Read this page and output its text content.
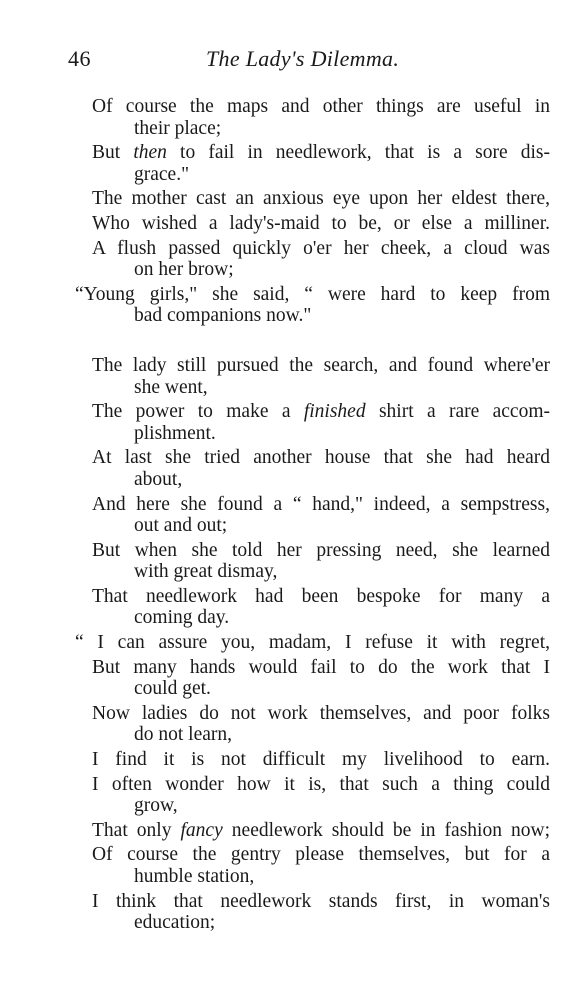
46	The Lady's Dilemma.
Of course the maps and other things are useful in
their place;
But then to fail in needlework, that is a sore dis-
grace."
The mother cast an anxious eye upon her eldest there,
Who wished a lady's-maid to be, or else a milliner.
A flush passed quickly o'er her cheek, a cloud was
on her brow;
“Young girls," she said, “ were hard to keep from
bad companions now."
The lady still pursued the search, and found where'er
she went,
The power to make a finished shirt a rare accom-
plishment.
At last she tried another house that she had heard
about,
And here she found a “ hand," indeed, a sempstress,
out and out;
But when she told her pressing need, she learned
with great dismay,
That needlework had been bespoke for many a
coming day.
“ I can assure you, madam, I refuse it with regret,
But many hands would fail to do the work that I
could get.
Now ladies do not work themselves, and poor folks
do not learn,
I find it is not difficult my livelihood to earn.
I often wonder how it is, that such a thing could
grow,
That only fancy needlework should be in fashion now;
Of course the gentry please themselves, but for a
humble station,
I think that needlework stands first, in woman's
education;
